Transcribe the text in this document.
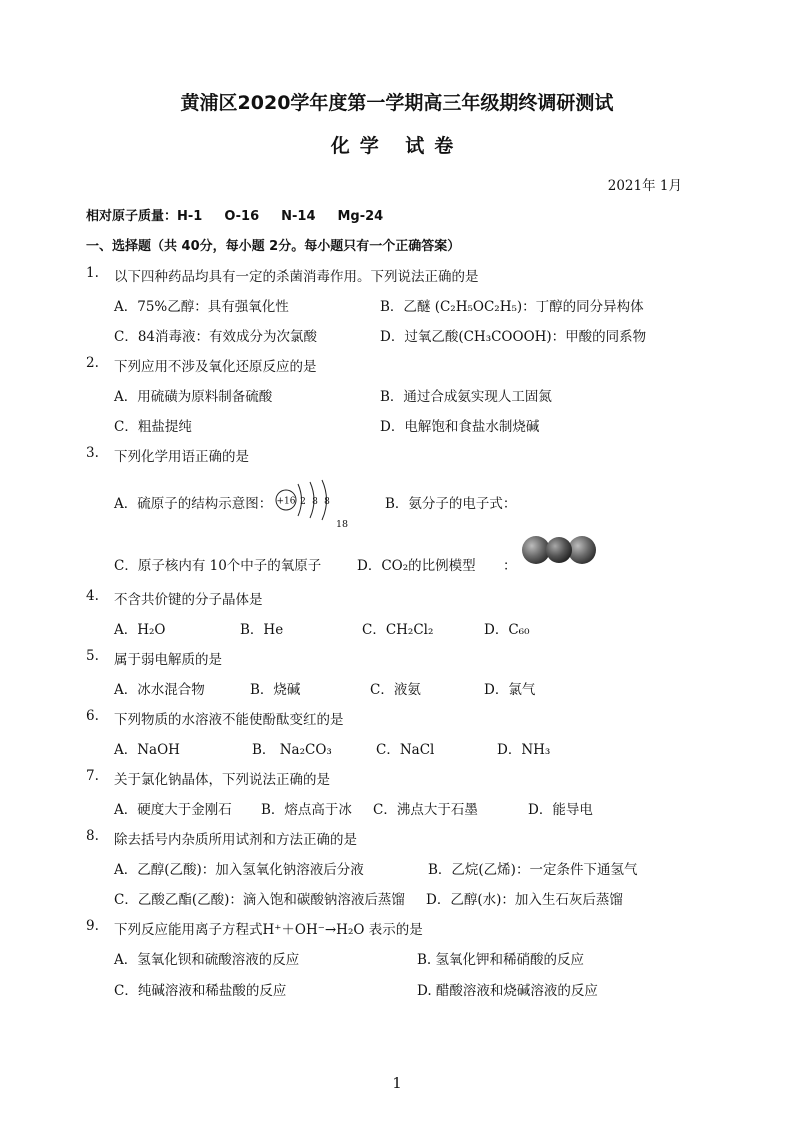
黄浦区2020学年度第一学期高三年级期终调研测试
化学 试卷
2021年 1月
相对原子质量：H-1 O-16 N-14 Mg-24
一、选择题（共 40分，每小题 2分。每小题只有一个正确答案）
1. 以下四种药品均具有一定的杀菌消毒作用。下列说法正确的是
A．75%乙醇：具有强氧化性	B．乙醚 (C₂H₅OC₂H₅)：丁醇的同分异构体
C．84消毒液：有效成分为次氯酸	D．过氧乙酸(CH₃COOOH)：甲酸的同系物
2. 下列应用不涉及氧化还原反应的是
A．用硫磺为原料制备硫酸	B．通过合成氨实现人工固氮
C．粗盐提纯	D．电解饱和食盐水制烧碱
3. 下列化学用语正确的是
A．硫原子的结构示意图： +16 2 8 8	B．氨分子的电子式：
18
C．原子核内有 10个中子的氧原子	D．CO₂的比例模型 ：
4. 不含共价键的分子晶体是
A．H₂O	B．He	C．CH₂Cl₂	D．C₆₀
5. 属于弱电解质的是
A．冰水混合物	B．烧碱	C．液氨	D．氯气
6. 下列物质的水溶液不能使酚酞变红的是
A．NaOH	B． Na₂CO₃	C．NaCl	D．NH₃
7. 关于氯化钠晶体，下列说法正确的是
A．硬度大于金刚石 B．熔点高于冰 C．沸点大于石墨	D．能导电
8. 除去括号内杂质所用试剂和方法正确的是
A．乙醇(乙酸)：加入氢氧化钠溶液后分液	B．乙烷(乙烯)：一定条件下通氢气
C．乙酸乙酯(乙酸)：滴入饱和碳酸钠溶液后蒸馏 D．乙醇(水)：加入生石灰后蒸馏
9. 下列反应能用离子方程式H⁺＋OH⁻→H₂O 表示的是
A．氢氧化钡和硫酸溶液的反应	B. 氢氧化钾和稀硝酸的反应
C．纯碱溶液和稀盐酸的反应	D. 醋酸溶液和烧碱溶液的反应
1
